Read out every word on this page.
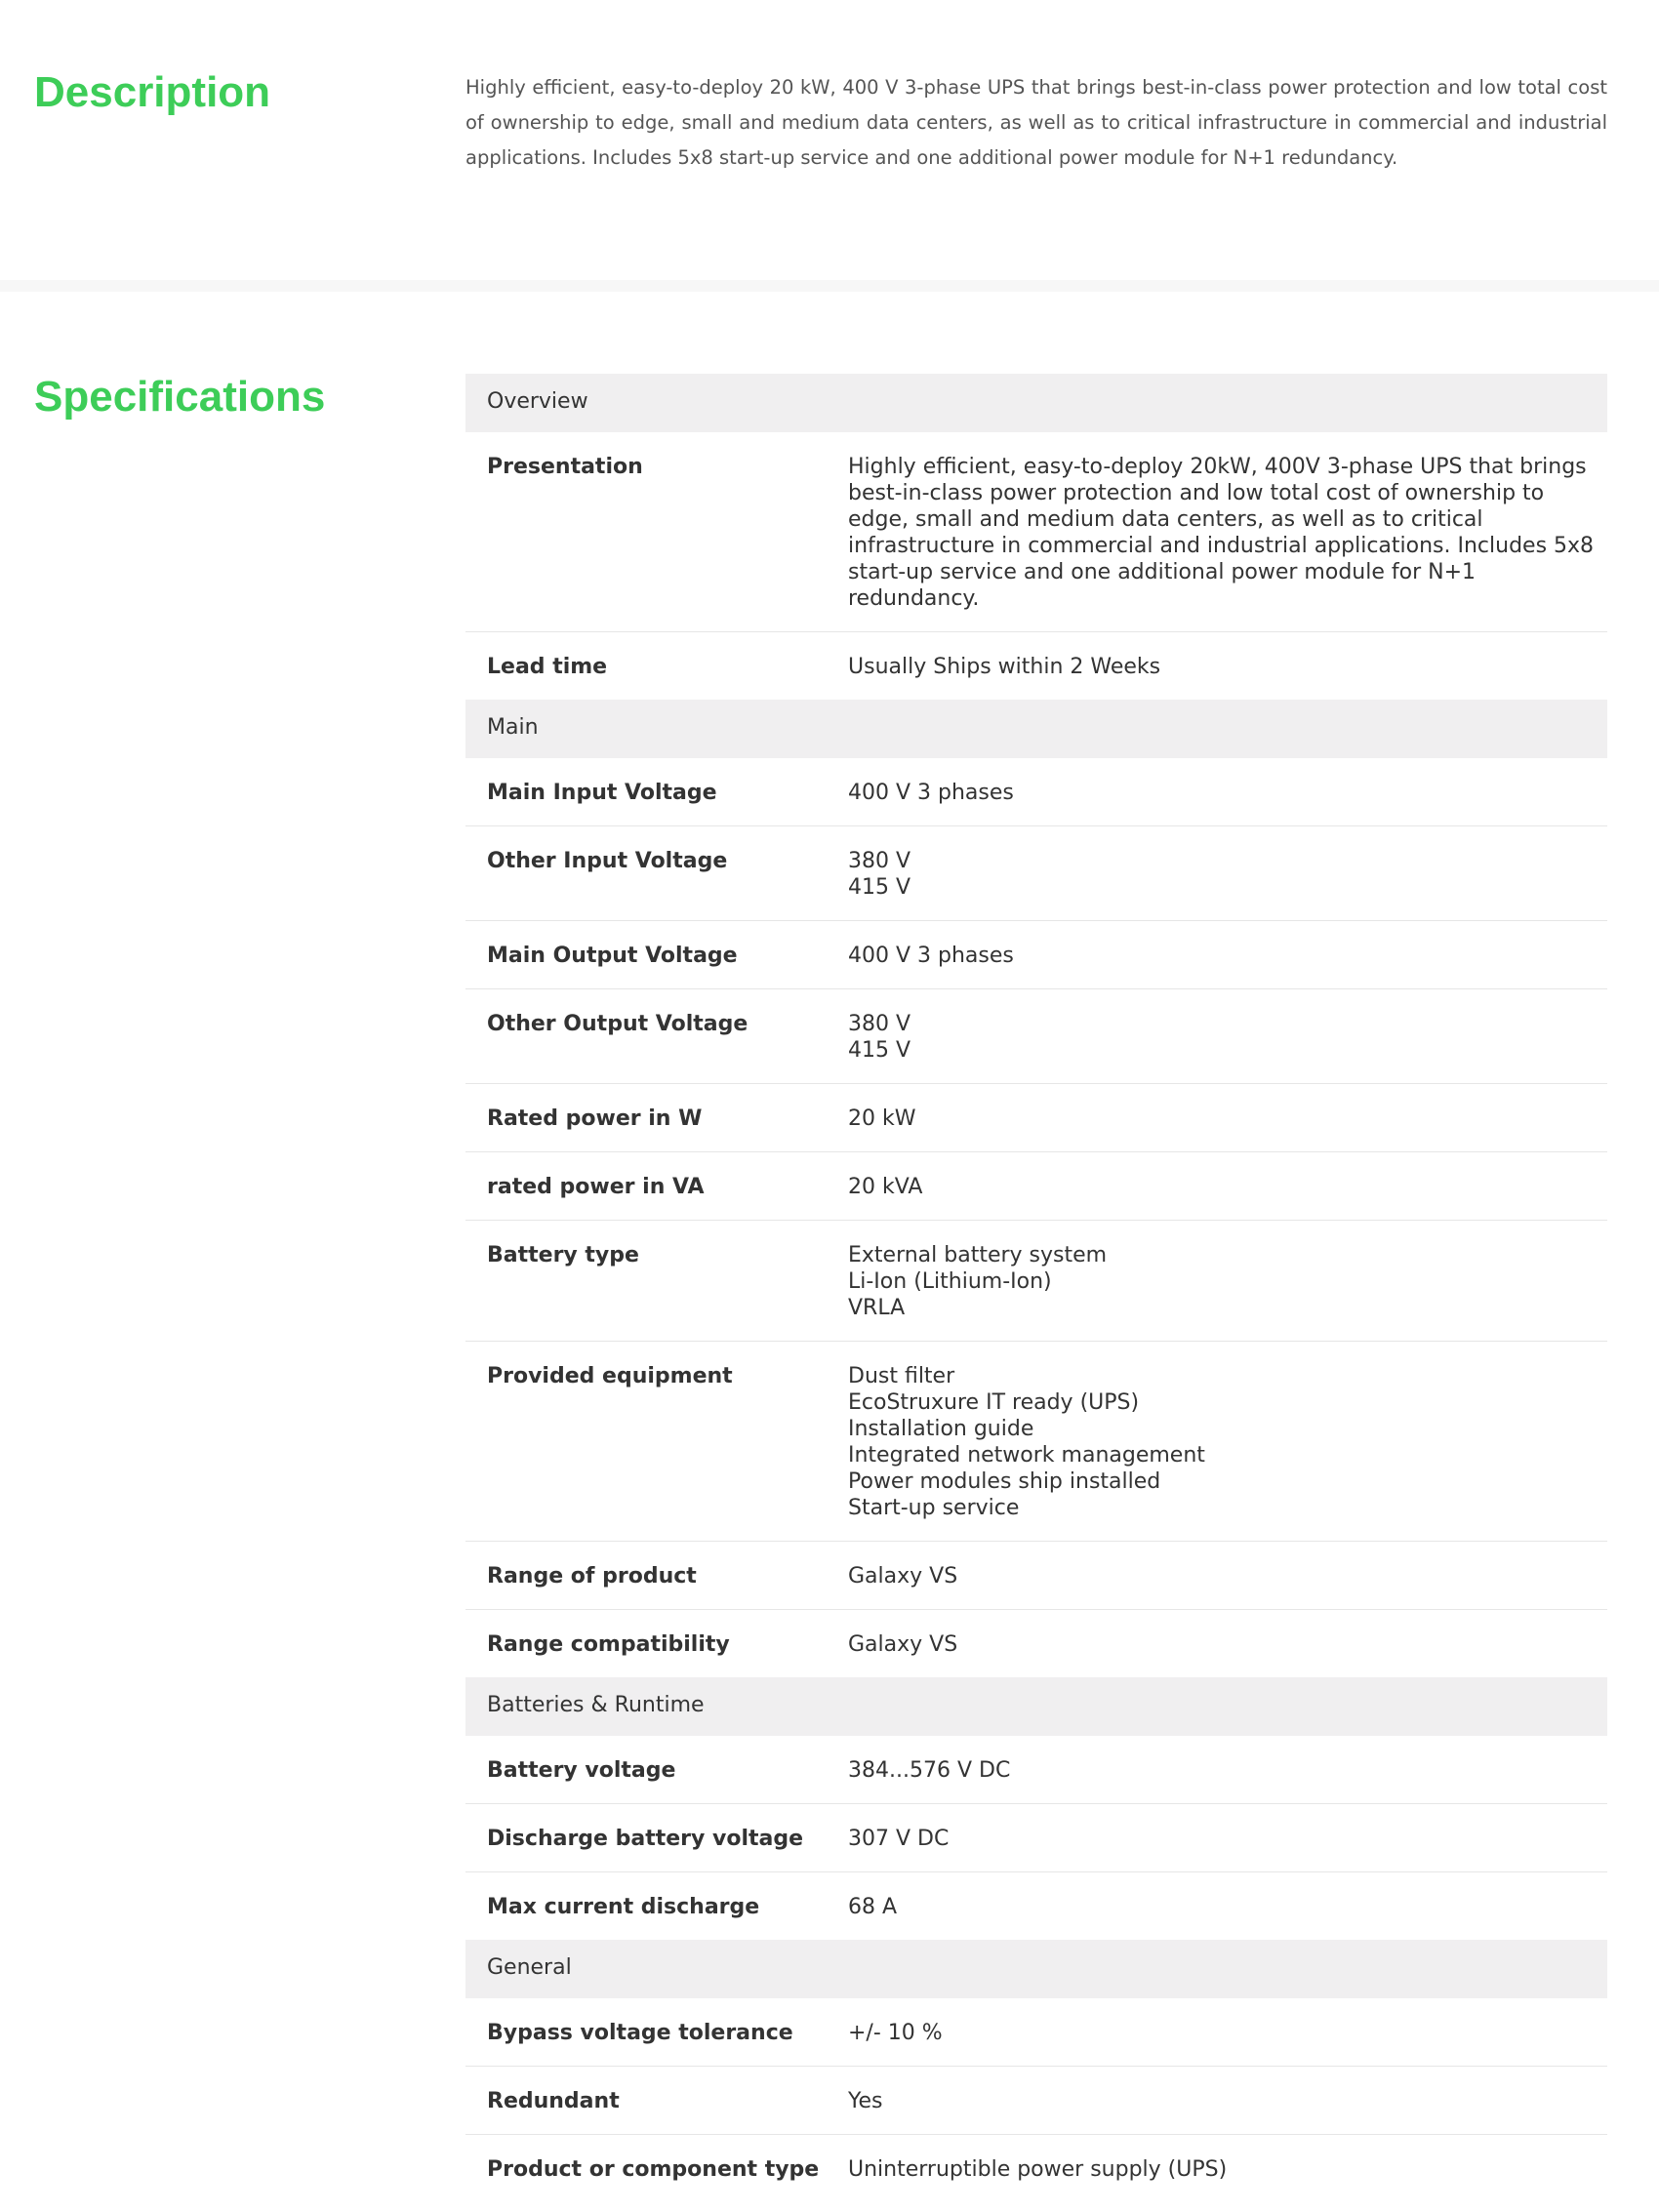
Description	Highly efficient, easy-to-deploy 20 kW, 400 V 3-phase UPS that brings best-in-class power protection and low total cost of ownership to edge, small and medium data centers, as well as to critical infrastructure in commercial and industrial applications. Includes 5x8 start-up service and one additional power module for N+1 redundancy.

Specifications	Overview
Presentation	Highly efficient, easy-to-deploy 20kW, 400V 3-phase UPS that brings best-in-class power protection and low total cost of ownership to edge, small and medium data centers, as well as to critical infrastructure in commercial and industrial applications. Includes 5x8 start-up service and one additional power module for N+1 redundancy.
Lead time	Usually Ships within 2 Weeks
Main
Main Input Voltage	400 V 3 phases
Other Input Voltage	380 V
415 V
Main Output Voltage	400 V 3 phases
Other Output Voltage	380 V
415 V
Rated power in W	20 kW
rated power in VA	20 kVA
Battery type	External battery system
Li-Ion (Lithium-Ion)
VRLA
Provided equipment	Dust filter
EcoStruxure IT ready (UPS)
Installation guide
Integrated network management
Power modules ship installed
Start-up service
Range of product	Galaxy VS
Range compatibility	Galaxy VS
Batteries & Runtime
Battery voltage	384...576 V DC
Discharge battery voltage	307 V DC
Max current discharge	68 A
General
Bypass voltage tolerance	+/- 10 %
Redundant	Yes
Product or component type	Uninterruptible power supply (UPS)
